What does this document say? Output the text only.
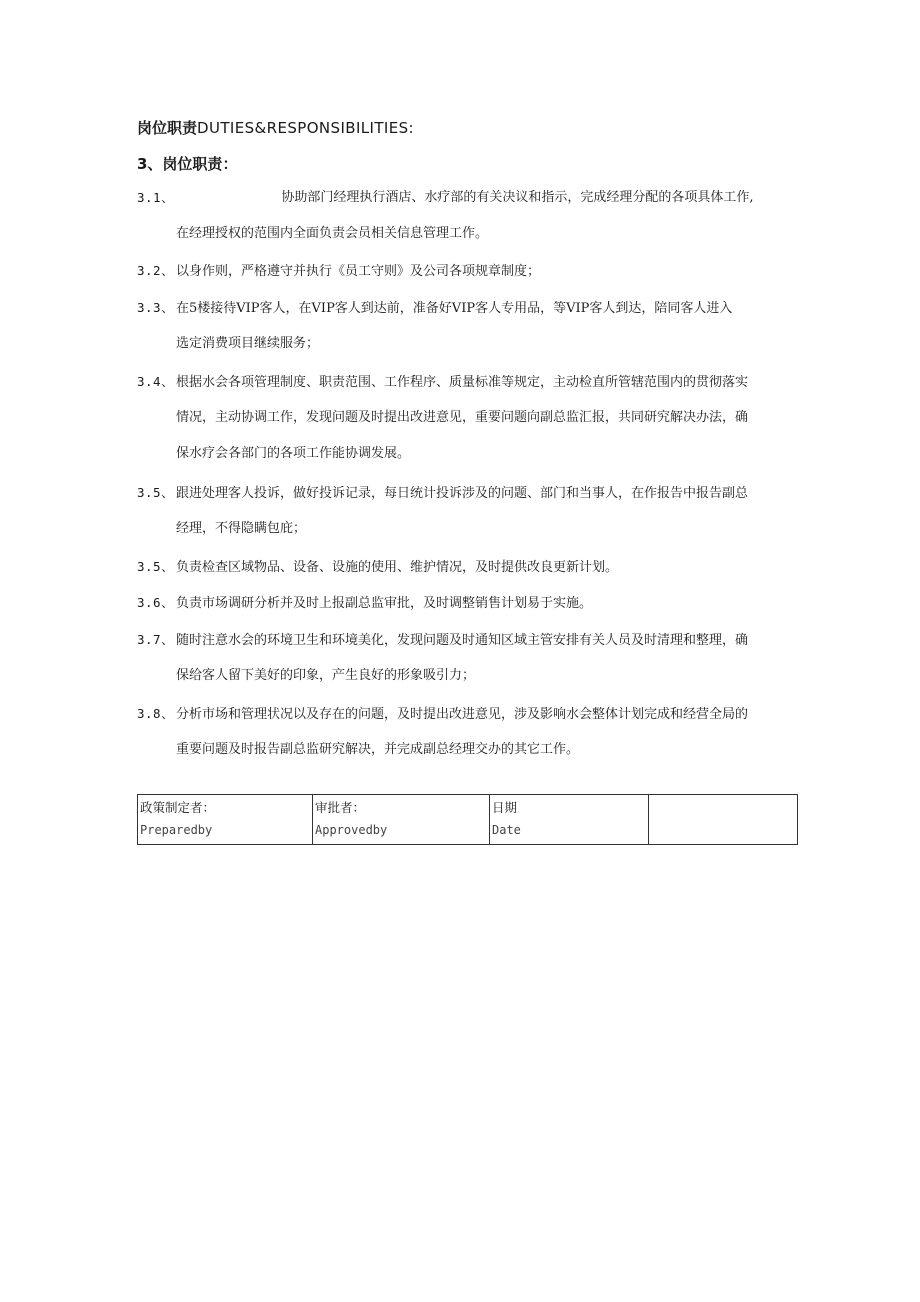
岗位职责DUTIES&RESPONSIBILITIES:
3、岗位职责：
3.1、	协助部门经理执行酒店、水疗部的有关决议和指示，完成经理分配的各项具体工作,
在经理授权的范围内全面负责会员相关信息管理工作。
3.2、 以身作则，严格遵守并执行《员工守则》及公司各项规章制度；
3.3、 在5楼接待VIP客人，在VIP客人到达前，准备好VIP客人专用品，等VIP客人到达，陪同客人进入
选定消费项目继续服务；
3.4、 根据水会各项管理制度、职责范围、工作程序、质量标准等规定，主动检直所管辖范围内的贯彻落实
情况，主动协调工作，发现问题及时提出改进意见，重要问题向副总监汇报，共同研究解决办法，确
保水疗会各部门的各项工作能协调发展。
3.5、 跟进处理客人投诉，做好投诉记录，每日统计投诉涉及的问题、部门和当事人，在作报告中报告副总
经理，不得隐瞒包庇；
3.5、 负责检查区域物品、设备、设施的使用、维护情况，及时提供改良更新计划。
3.6、 负责市场调研分析并及时上报副总监审批，及时调整销售计划易于实施。
3.7、 随时注意水会的环境卫生和环境美化，发现问题及时通知区域主管安排有关人员及时清理和整理，确
保给客人留下美好的印象，产生良好的形象吸引力；
3.8、 分析市场和管理状况以及存在的问题，及时提出改进意见，涉及影响水会整体计划完成和经营全局的
重要问题及时报告副总监研究解决，并完成副总经理交办的其它工作。
政策制定者：
Preparedby

审批者：
Approvedby

日期
Date
